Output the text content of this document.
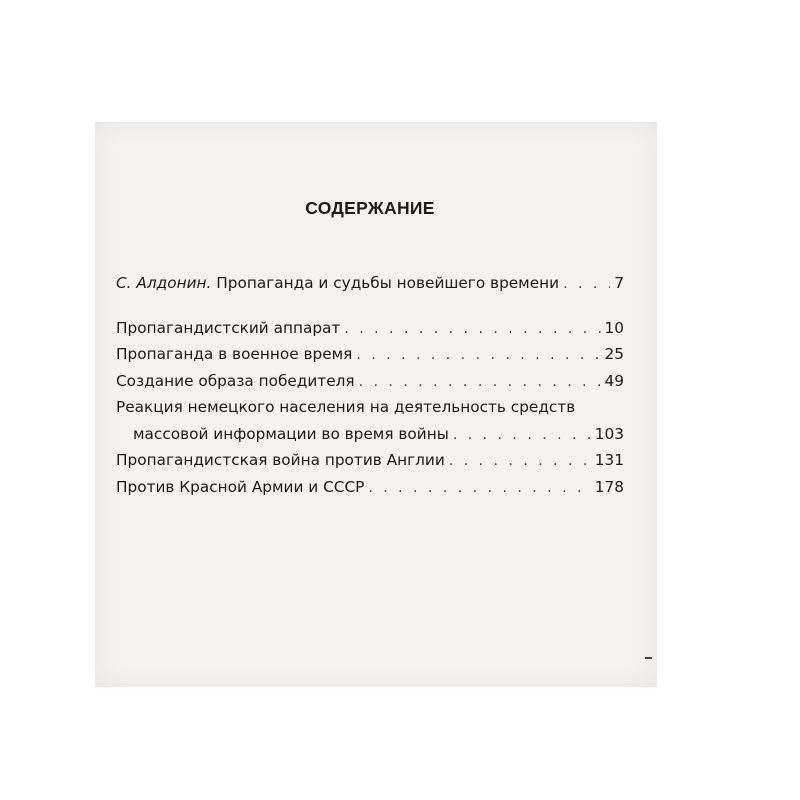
СОДЕРЖАНИЕ
С. Алдонин. Пропаганда и судьбы новейшего времени . . .	7
Пропагандистский аппарат . . .	10
Пропаганда в военное время . . .	25
Создание образа победителя . . .	49
Реакция немецкого населения на деятельность средств
массовой информации во время войны . . .	103
Пропагандистская война против Англии . . .	131
Против Красной Армии и СССР . . .	178
